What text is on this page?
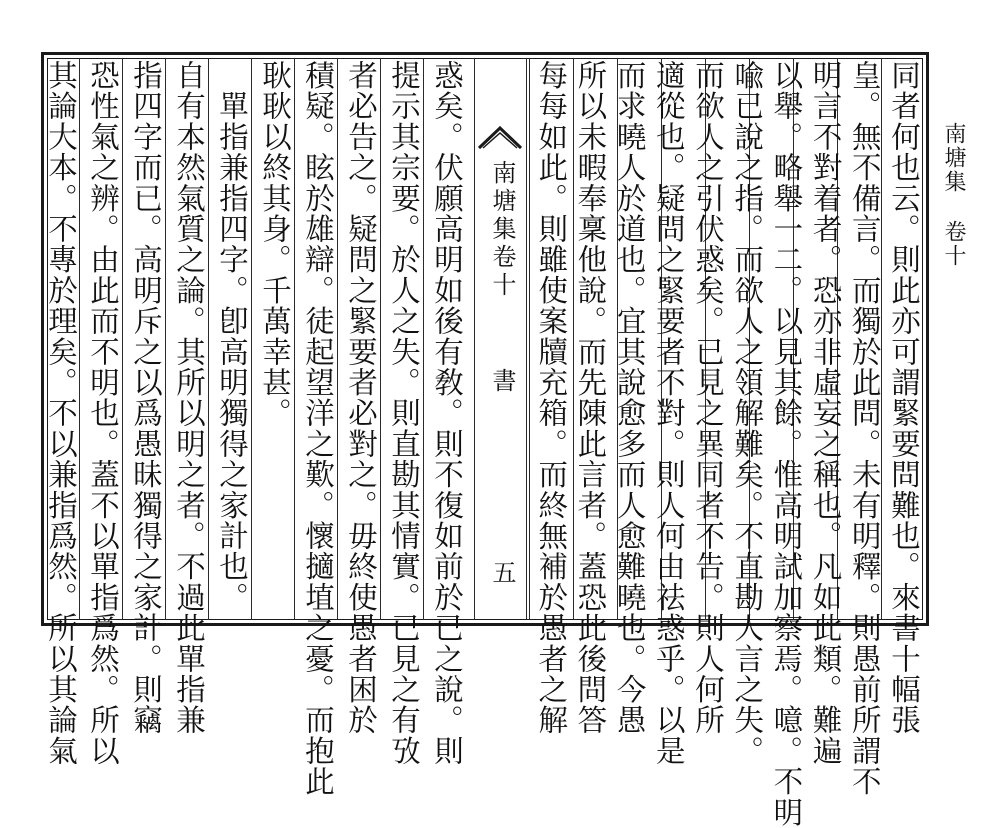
南塘集卷十
同者何也云。則此亦可謂緊要問難也。來書十幅張
皇。無不備言。而獨於此問。未有明釋。則愚前所謂不
明言不對着者。恐亦非虛妄之稱也。凡如此類。難遍
以舉。略舉一二。以見其餘。惟高明試加察焉。噫。不明
喩已說之指。而欲人之領解難矣。不直勘人言之失。
而欲人之引伏惑矣。已見之異同者不告。則人何所
適從也。疑問之緊要者不對。則人何由祛惑乎。以是
而求曉人於道也。宜其說愈多而人愈難曉也。今愚
所以未暇奉稟他說。而先陳此言者。蓋恐此後問答
南塘集卷十
書
五
惑矣。伏願高明如後有敎。則不復如前於已之說。則
提示其宗要。於人之失。則直勘其情實。已見之有攷
者必告之。疑問之緊要者必對之。毋終使愚者困於
積疑。眩於雄辯。徒起望洋之歎。懷擿埴之憂。而抱此
耿耿以終其身。千萬幸甚。
　單指兼指四字。卽高明獨得之家計也。
自有本然氣質之論。其所以明之者。不過此單指兼
指四字而已。高明斥之以爲愚昧獨得之家計。則竊
恐性氣之辨。由此而不明也。蓋不以單指爲然。所以
其論大本。不專於理矣。不以兼指爲然。所以其論氣	每每如此。則雖使案牘充箱。而終無補於愚者之解
